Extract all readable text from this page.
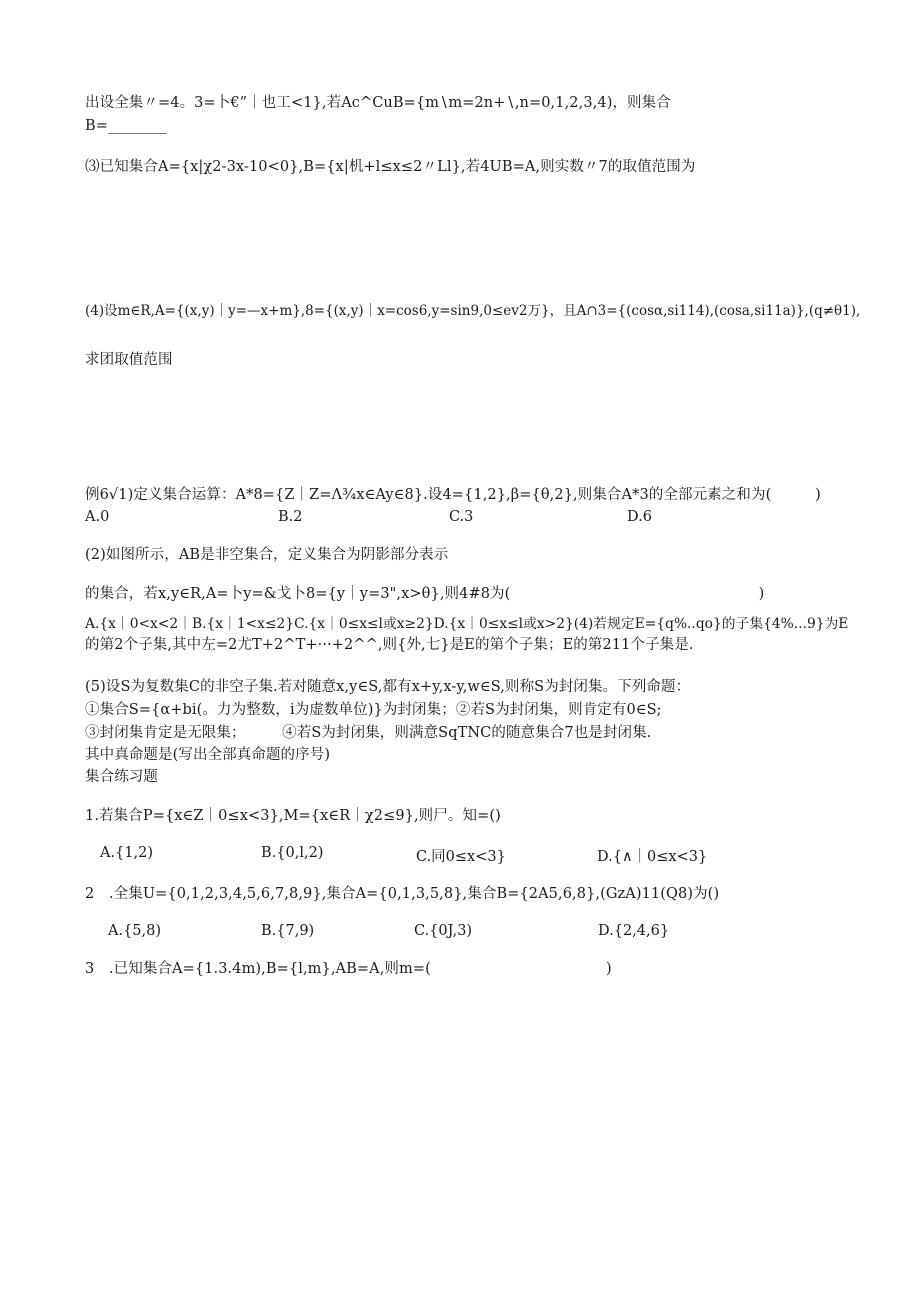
出设全集〃=4。3=卜€”｜也工<1},若Ac^CuB={m∖m=2n+∖,n=0,1,2,3,4)，则集合
B=________
⑶已知集合A={x|χ2-3x-10<0},B={x|机+l≤x≤2〃Ll},若4UB=A,则实数〃7的取值范围为
(4)设m∈R,A={(x,y)｜y=—x+m},8={(x,y)｜x=cos6,y=sin9,0≤ev2万}，且A∩3={(cosα,si114),(cosa,si11a)},(q≠θ1),
求团取值范围
例6√1)定义集合运算：A*8={Z｜Z=Λ¾x∈Ay∈8}.设4={1,2},β={θ,2},则集合A*3的全部元素之和为(　　　)
A.0	B.2	C.3	D.6
(2)如图所示，AB是非空集合，定义集合为阴影部分表示
的集合，若x,y∈R,A=卜y=&戈卜8={y｜y=3",x>θ},则4#8为(　　　　　　　　　　　　　　　　　)
A.{x｜0<x<2｜B.{x｜1<x≤2}C.{x｜0≤x≤l或x≥2}D.{x｜0≤x≤l或x>2}(4)若规定E={q%..qo}的子集{4%...9}为E
的第2个子集,其中左=2尤T+2^T+···+2^^,则{外,七}是E的第个子集；E的第211个子集是.
(5)设S为复数集C的非空子集.若对随意x,y∈S,都有x+y,x-y,w∈S,则称S为封闭集。下列命题：
①集合S={α+bi(。力为整数，i为虚数单位)}为封闭集；②若S为封闭集，则肯定有0∈S;
③封闭集肯定是无限集；　　　④若S为封闭集，则满意SqTNC的随意集合7也是封闭集.
其中真命题是(写出全部真命题的序号)
集合练习题
1.若集合P={x∈Z｜0≤x<3},M={x∈R｜χ2≤9},则尸。知=()
A.{1,2)	B.{0,l,2)	C.同0≤x<3}	D.{∧｜0≤x<3}
2　.全集U={0,1,2,3,4,5,6,7,8,9},集合A={0,1,3,5,8},集合B={2A5,6,8},(GzA)11(Q8)为()
A.{5,8)	B.{7,9)	C.{0J,3)	D.{2,4,6}
3　.已知集合A={1.3.4m),B={l,m},AB=A,则m=(　　　　　　　　　　　　)
